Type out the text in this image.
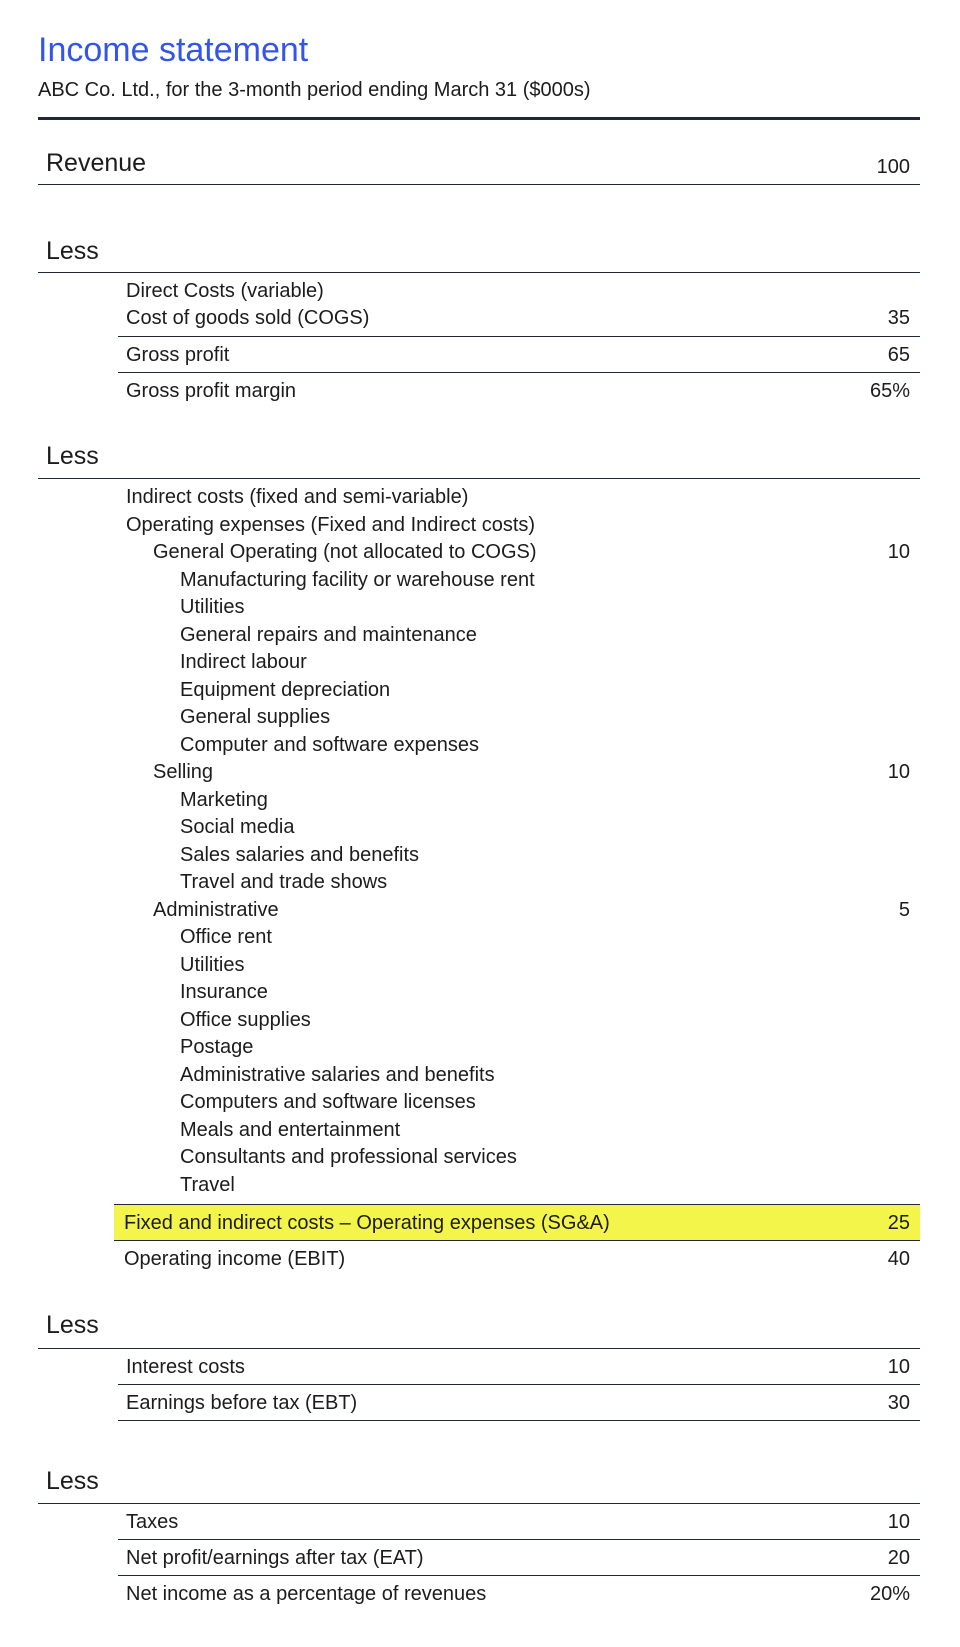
Income statement
ABC Co. Ltd., for the 3-month period ending March 31 ($000s)
Revenue	100
Less
Direct Costs (variable)
Cost of goods sold (COGS)	35
Gross profit	65
Gross profit margin	65%
Less
Indirect costs (fixed and semi-variable)
Operating expenses (Fixed and Indirect costs)
General Operating (not allocated to COGS)	10
Manufacturing facility or warehouse rent
Utilities
General repairs and maintenance
Indirect labour
Equipment depreciation
General supplies
Computer and software expenses
Selling	10
Marketing
Social media
Sales salaries and benefits
Travel and trade shows
Administrative	5
Office rent
Utilities
Insurance
Office supplies
Postage
Administrative salaries and benefits
Computers and software licenses
Meals and entertainment
Consultants and professional services
Travel
Fixed and indirect costs – Operating expenses (SG&A)	25
Operating income (EBIT)	40
Less
Interest costs	10
Earnings before tax (EBT)	30
Less
Taxes	10
Net profit/earnings after tax (EAT)	20
Net income as a percentage of revenues	20%
